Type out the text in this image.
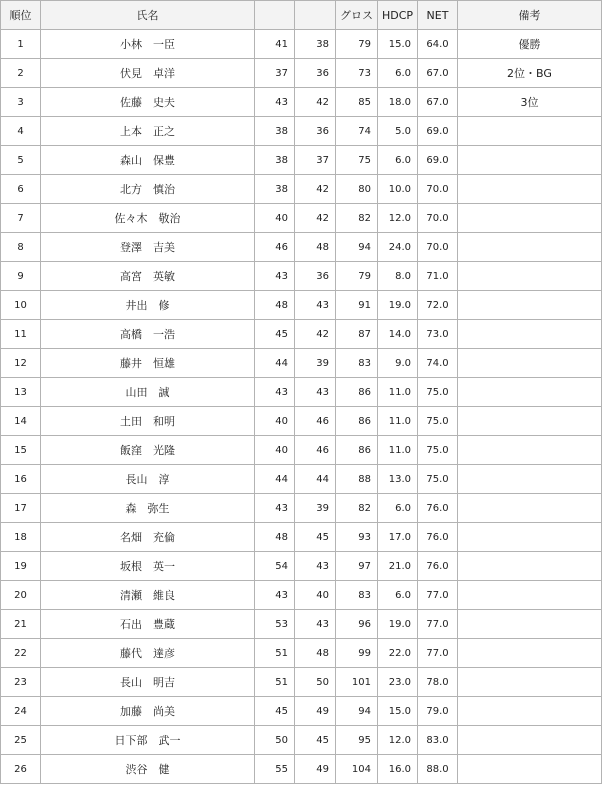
順位	氏名			グロス	HDCP	NET	備考
1	小林　一臣	41	38	79	15.0	64.0	優勝
2	伏見　卓洋	37	36	73	6.0	67.0	2位・BG
3	佐藤　史夫	43	42	85	18.0	67.0	3位
4	上本　正之	38	36	74	5.0	69.0	
5	森山　保豊	38	37	75	6.0	69.0	
6	北方　慎治	38	42	80	10.0	70.0	
7	佐々木　敬治	40	42	82	12.0	70.0	
8	登澤　吉美	46	48	94	24.0	70.0	
9	高宮　英敏	43	36	79	8.0	71.0	
10	井出　修	48	43	91	19.0	72.0	
11	高橋　一浩	45	42	87	14.0	73.0	
12	藤井　恒雄	44	39	83	9.0	74.0	
13	山田　誠	43	43	86	11.0	75.0	
14	土田　和明	40	46	86	11.0	75.0	
15	飯窪　光隆	40	46	86	11.0	75.0	
16	長山　淳	44	44	88	13.0	75.0	
17	森　弥生	43	39	82	6.0	76.0	
18	名畑　充倫	48	45	93	17.0	76.0	
19	坂根　英一	54	43	97	21.0	76.0	
20	清瀬　維良	43	40	83	6.0	77.0	
21	石出　豊蔵	53	43	96	19.0	77.0	
22	藤代　達彦	51	48	99	22.0	77.0	
23	長山　明吉	51	50	101	23.0	78.0	
24	加藤　尚美	45	49	94	15.0	79.0	
25	日下部　武一	50	45	95	12.0	83.0	
26	渋谷　健	55	49	104	16.0	88.0	
